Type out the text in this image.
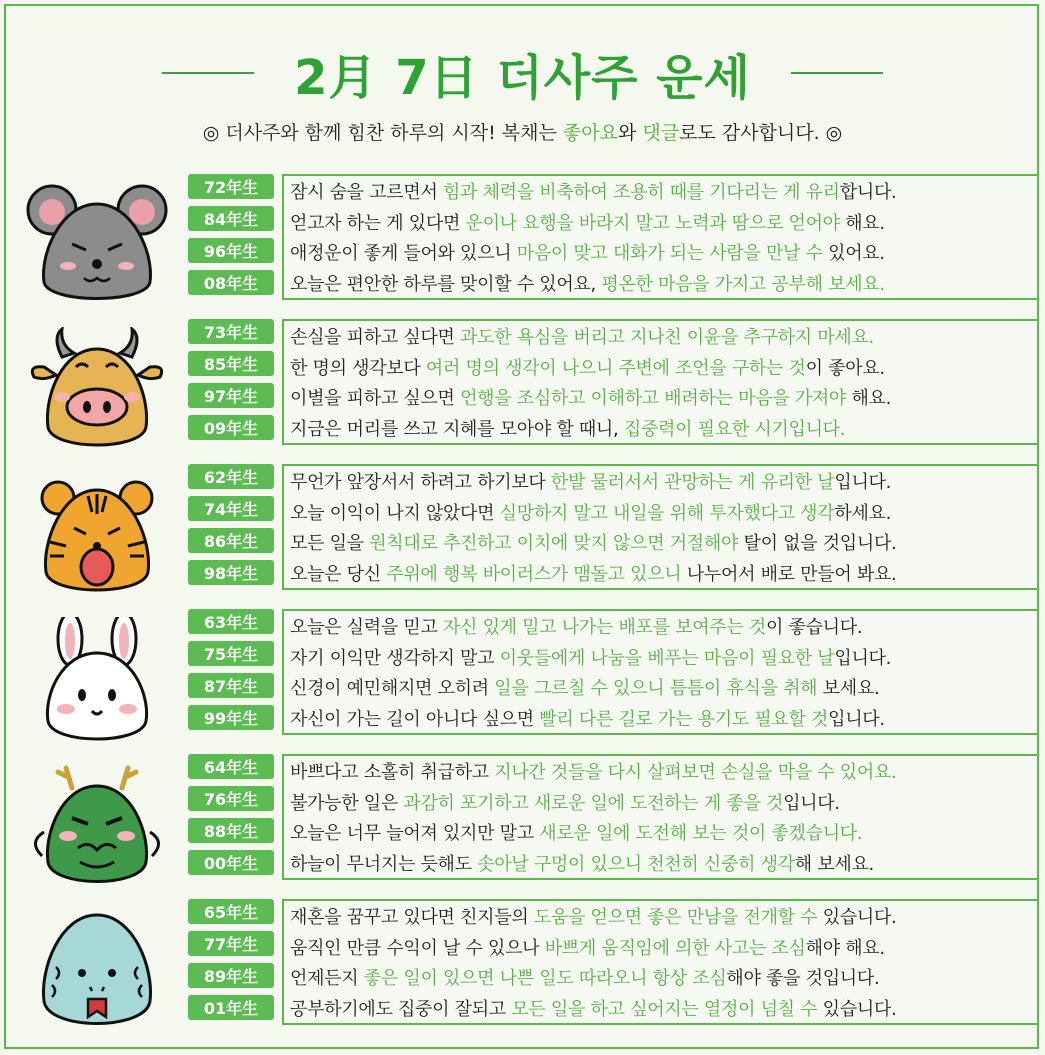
2月 7日 더사주 운세
◎ 더사주와 함께 힘찬 하루의 시작! 복채는 좋아요와 댓글로도 감사합니다. ◎
72年生
84年生
96年生
08年生
잠시 숨을 고르면서 힘과 체력을 비축하여 조용히 때를 기다리는 게 유리합니다.
얻고자 하는 게 있다면 운이나 요행을 바라지 말고 노력과 땀으로 얻어야 해요.
애정운이 좋게 들어와 있으니 마음이 맞고 대화가 되는 사람을 만날 수 있어요.
오늘은 편안한 하루를 맞이할 수 있어요, 평온한 마음을 가지고 공부해 보세요.
73年生
85年生
97年生
09年生
손실을 피하고 싶다면 과도한 욕심을 버리고 지나친 이윤을 추구하지 마세요.
한 명의 생각보다 여러 명의 생각이 나으니 주변에 조언을 구하는 것이 좋아요.
이별을 피하고 싶으면 언행을 조심하고 이해하고 배려하는 마음을 가져야 해요.
지금은 머리를 쓰고 지혜를 모아야 할 때니, 집중력이 필요한 시기입니다.
62年生
74年生
86年生
98年生
무언가 앞장서서 하려고 하기보다 한발 물러서서 관망하는 게 유리한 날입니다.
오늘 이익이 나지 않았다면 실망하지 말고 내일을 위해 투자했다고 생각하세요.
모든 일을 원칙대로 추진하고 이치에 맞지 않으면 거절해야 탈이 없을 것입니다.
오늘은 당신 주위에 행복 바이러스가 맴돌고 있으니 나누어서 배로 만들어 봐요.
63年生
75年生
87年生
99年生
오늘은 실력을 믿고 자신 있게 밀고 나가는 배포를 보여주는 것이 좋습니다.
자기 이익만 생각하지 말고 이웃들에게 나눔을 베푸는 마음이 필요한 날입니다.
신경이 예민해지면 오히려 일을 그르칠 수 있으니 틈틈이 휴식을 취해 보세요.
자신이 가는 길이 아니다 싶으면 빨리 다른 길로 가는 용기도 필요할 것입니다.
64年生
76年生
88年生
00年生
바쁘다고 소홀히 취급하고 지나간 것들을 다시 살펴보면 손실을 막을 수 있어요.
불가능한 일은 과감히 포기하고 새로운 일에 도전하는 게 좋을 것입니다.
오늘은 너무 늘어져 있지만 말고 새로운 일에 도전해 보는 것이 좋겠습니다.
하늘이 무너지는 듯해도 솟아날 구멍이 있으니 천천히 신중히 생각해 보세요.
65年生
77年生
89年生
01年生
재혼을 꿈꾸고 있다면 친지들의 도움을 얻으면 좋은 만남을 전개할 수 있습니다.
움직인 만큼 수익이 날 수 있으나 바쁘게 움직임에 의한 사고는 조심해야 해요.
언제든지 좋은 일이 있으면 나쁜 일도 따라오니 항상 조심해야 좋을 것입니다.
공부하기에도 집중이 잘되고 모든 일을 하고 싶어지는 열정이 넘칠 수 있습니다.
